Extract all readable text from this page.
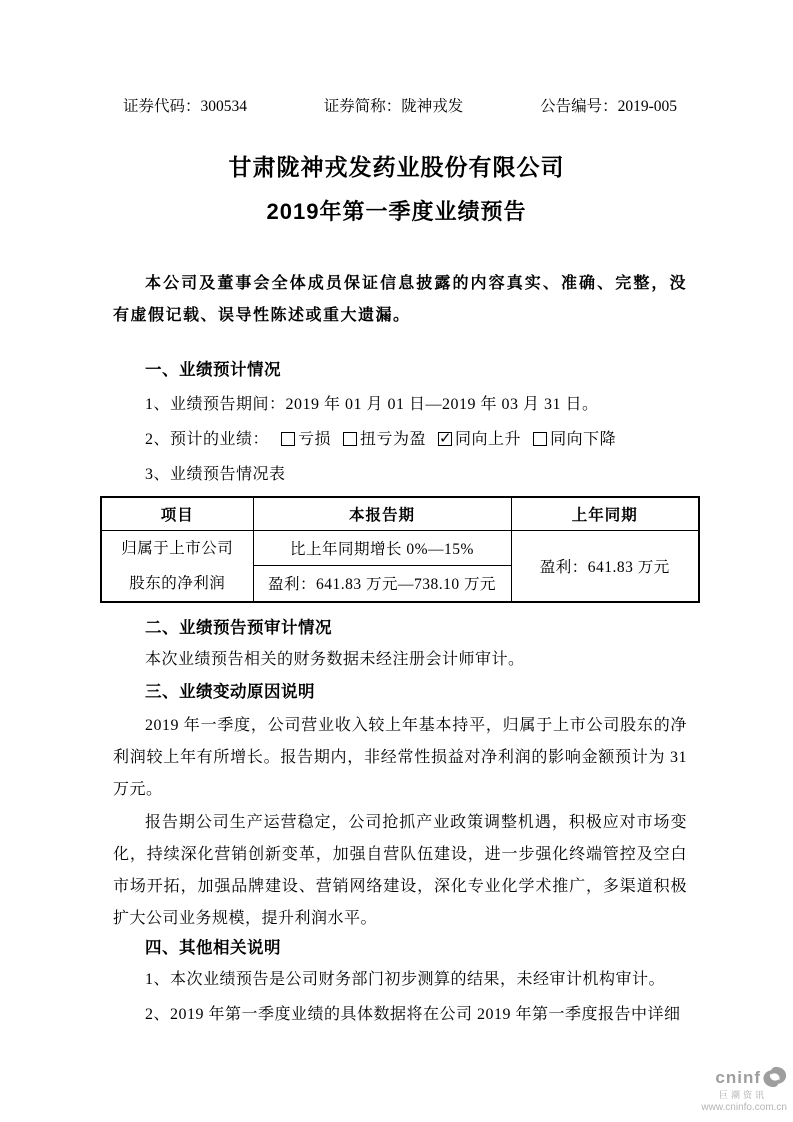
证券代码：300534	证券简称：陇神戎发	公告编号：2019-005
甘肃陇神戎发药业股份有限公司
2019年第一季度业绩预告
本公司及董事会全体成员保证信息披露的内容真实、准确、完整，没有虚假记载、误导性陈述或重大遗漏。
一、业绩预计情况
1、业绩预告期间：2019 年 01 月 01 日—2019 年 03 月 31 日。
2、预计的业绩： 亏损 扭亏为盈 ✓ 同向上升 同向下降
3、业绩预告情况表
项目	本报告期	上年同期

归属于上市公司
股东的净利润	比上年同期增长 0%—15%	盈利：641.83 万元
	盈利：641.83 万元—738.10 万元	
二、业绩预告预审计情况
本次业绩预告相关的财务数据未经注册会计师审计。
三、业绩变动原因说明
2019 年一季度，公司营业收入较上年基本持平，归属于上市公司股东的净利润较上年有所增长。报告期内，非经常性损益对净利润的影响金额预计为 31 万元。
报告期公司生产运营稳定，公司抢抓产业政策调整机遇，积极应对市场变化，持续深化营销创新变革，加强自营队伍建设，进一步强化终端管控及空白市场开拓，加强品牌建设、营销网络建设，深化专业化学术推广，多渠道积极扩大公司业务规模，提升利润水平。
四、其他相关说明
1、本次业绩预告是公司财务部门初步测算的结果，未经审计机构审计。
2、2019 年第一季度业绩的具体数据将在公司 2019 年第一季度报告中详细
cninf
巨潮资讯
www.cninfo.com.cn
